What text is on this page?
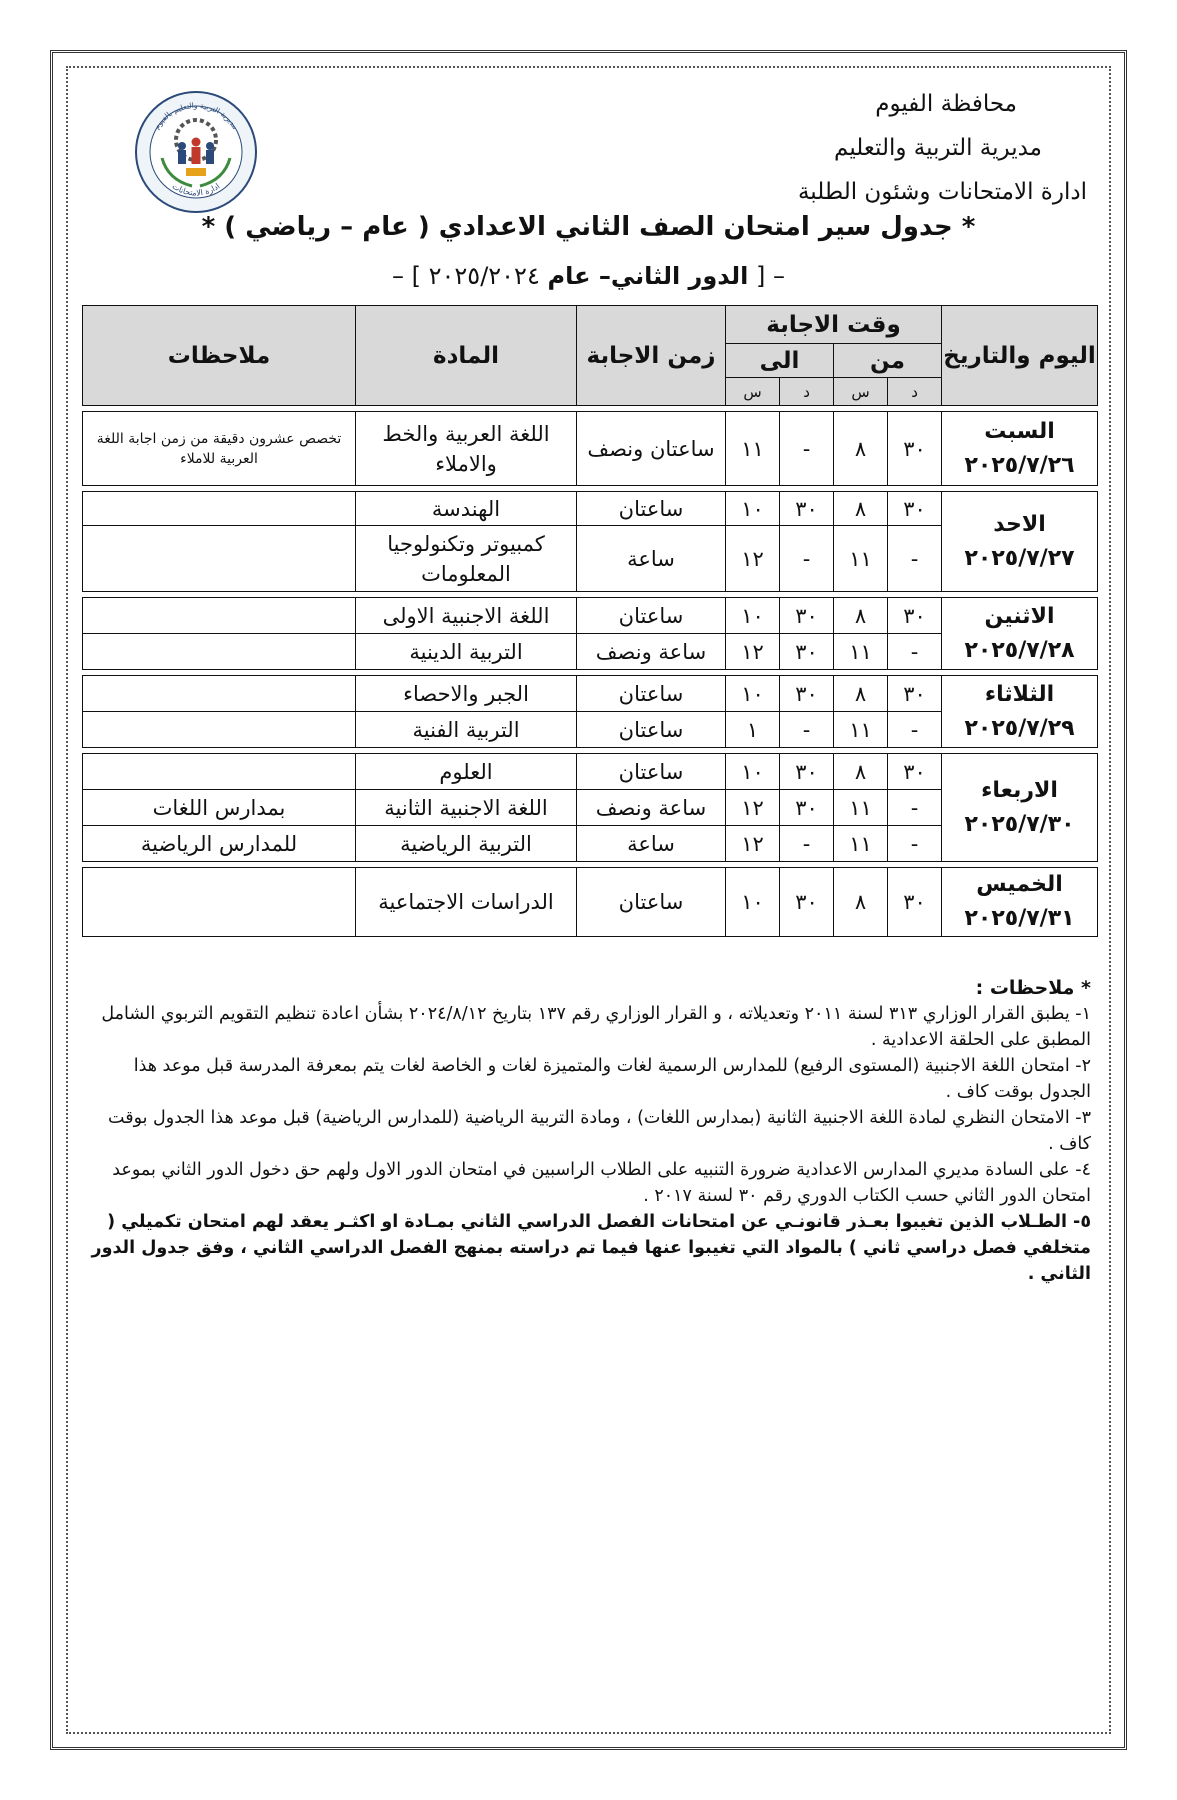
محافظة الفيوم
مديرية التربية والتعليم
ادارة الامتحانات وشئون الطلبة
مديرية التربية والتعليم بالفيوم
ادارة الامتحانات
* جدول سير امتحان الصف الثاني الاعدادي ( عام – رياضي ) *
– [ الدور الثاني– عام ٢٠٢٥/٢٠٢٤ ] –
اليوم والتاريخ	وقت الاجابة				زمن الاجابة	المادة	ملاحظات
	من		الى				
	د	س	د	س			

السبت
٢٠٢٥/٧/٢٦	٣٠	٨	-	١١	ساعتان ونصف	اللغة العربية والخط والاملاء	تخصص عشرون دقيقة من زمن اجابة اللغة العربية للاملاء

الاحد
٢٠٢٥/٧/٢٧	٣٠	٨	٣٠	١٠	ساعتان	الهندسة	
	-	١١	-	١٢	ساعة	كمبيوتر وتكنولوجيا المعلومات	

الاثنين
٢٠٢٥/٧/٢٨	٣٠	٨	٣٠	١٠	ساعتان	اللغة الاجنبية الاولى	
	-	١١	٣٠	١٢	ساعة ونصف	التربية الدينية	

الثلاثاء
٢٠٢٥/٧/٢٩	٣٠	٨	٣٠	١٠	ساعتان	الجبر والاحصاء	
	-	١١	-	١	ساعتان	التربية الفنية	

الاربعاء
٢٠٢٥/٧/٣٠	٣٠	٨	٣٠	١٠	ساعتان	العلوم	
	-	١١	٣٠	١٢	ساعة ونصف	اللغة الاجنبية الثانية	بمدارس اللغات
	-	١١	-	١٢	ساعة	التربية الرياضية	للمدارس الرياضية

الخميس
٢٠٢٥/٧/٣١	٣٠	٨	٣٠	١٠	ساعتان	الدراسات الاجتماعية	

* ملاحظات :

١- يطبق القرار الوزاري ٣١٣ لسنة ٢٠١١ وتعديلاته ، و القرار الوزاري رقم ١٣٧ بتاريخ ٢٠٢٤/٨/١٢ بشأن اعادة تنظيم التقويم التربوي الشامل المطبق على الحلقة الاعدادية .

٢- امتحان اللغة الاجنبية (المستوى الرفيع) للمدارس الرسمية لغات والمتميزة لغات و الخاصة لغات يتم بمعرفة المدرسة قبل موعد هذا الجدول بوقت كاف .

٣- الامتحان النظري لمادة اللغة الاجنبية الثانية (بمدارس اللغات) ، ومادة التربية الرياضية (للمدارس الرياضية) قبل موعد هذا الجدول بوقت كاف .

٤- على السادة مديري المدارس الاعدادية ضرورة التنبيه على الطلاب الراسبين في امتحان الدور الاول ولهم حق دخول الدور الثاني بموعد امتحان الدور الثاني حسب الكتاب الدوري رقم ٣٠ لسنة ٢٠١٧ .

٥- الطـلاب الذين تغيبوا بعـذر قانونـي عن امتحانات الفصل الدراسي الثاني بمـادة او اكثـر يعقد لهم امتحان تكميلي ( متخلفي فصل دراسي ثاني ) بالمواد التي تغيبوا عنها فيما تم دراسته بمنهج الفصل الدراسي الثاني ، وفق جدول الدور الثاني .
